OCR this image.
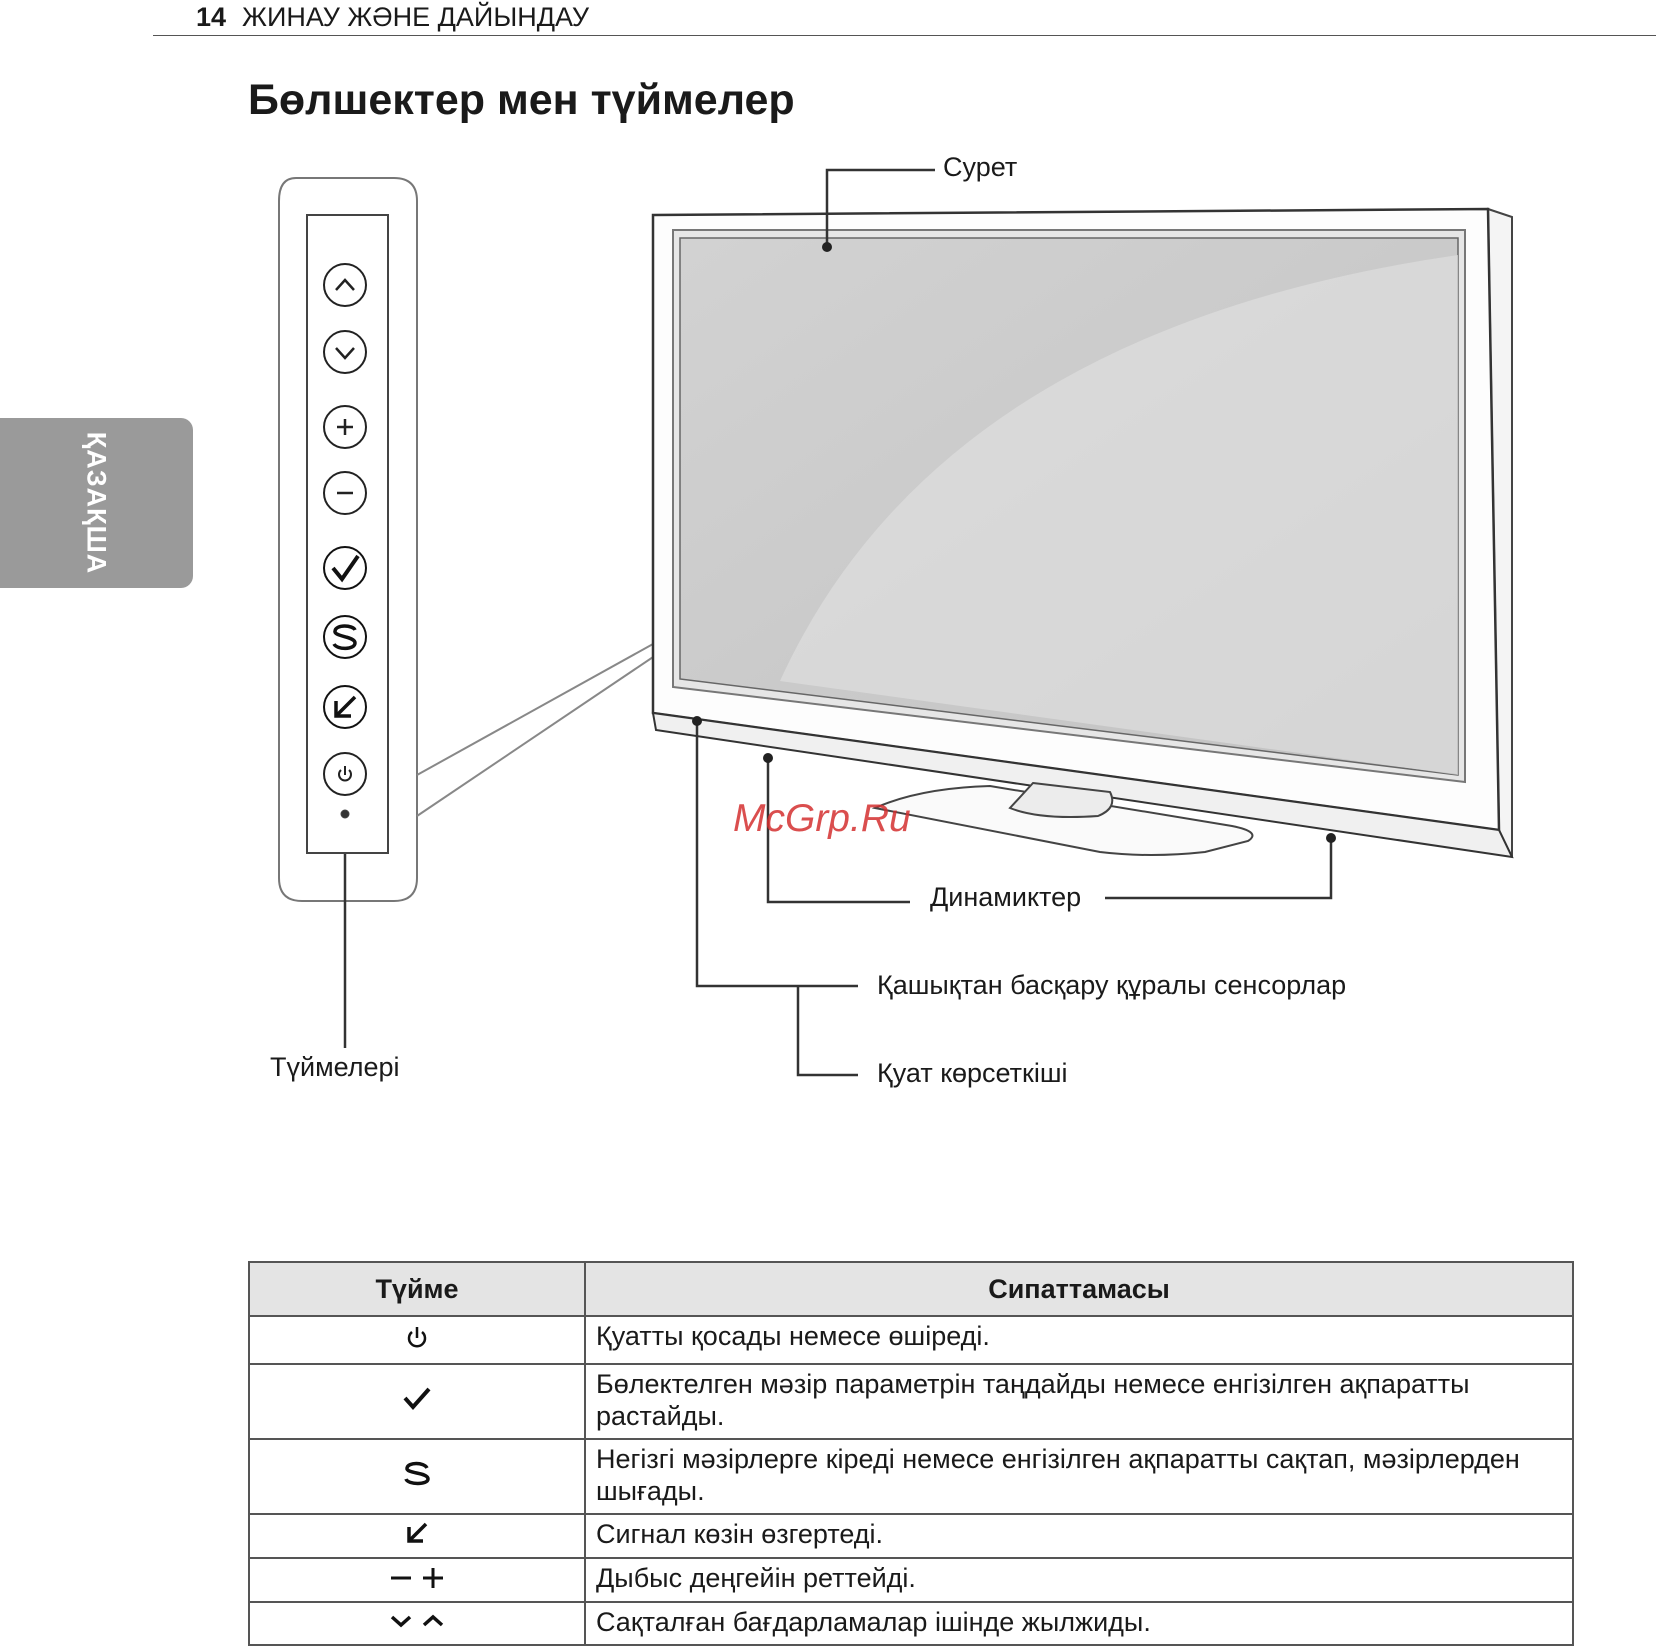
14 ЖИНАУ ЖӘНЕ ДАЙЫНДАУ
Бөлшектер мен түймелер
ҚАЗАҚША
Сурет
Динамиктер
Қашықтан басқару құралы сенсорлар
Қуат көрсеткіші
Түймелері
McGrp.Ru
Түйме	Сипаттамасы
	Қуатты қосады немесе өшіреді.
	Бөлектелген мәзір параметрін таңдайды немесе енгізілген ақпаратты растайды.
	Негізгі мәзірлерге кіреді немесе енгізілген ақпаратты сақтап, мәзірлерден шығады.
	Сигнал көзін өзгертеді.
	Дыбыс деңгейін реттейді.
	Сақталған бағдарламалар ішінде жылжиды.
